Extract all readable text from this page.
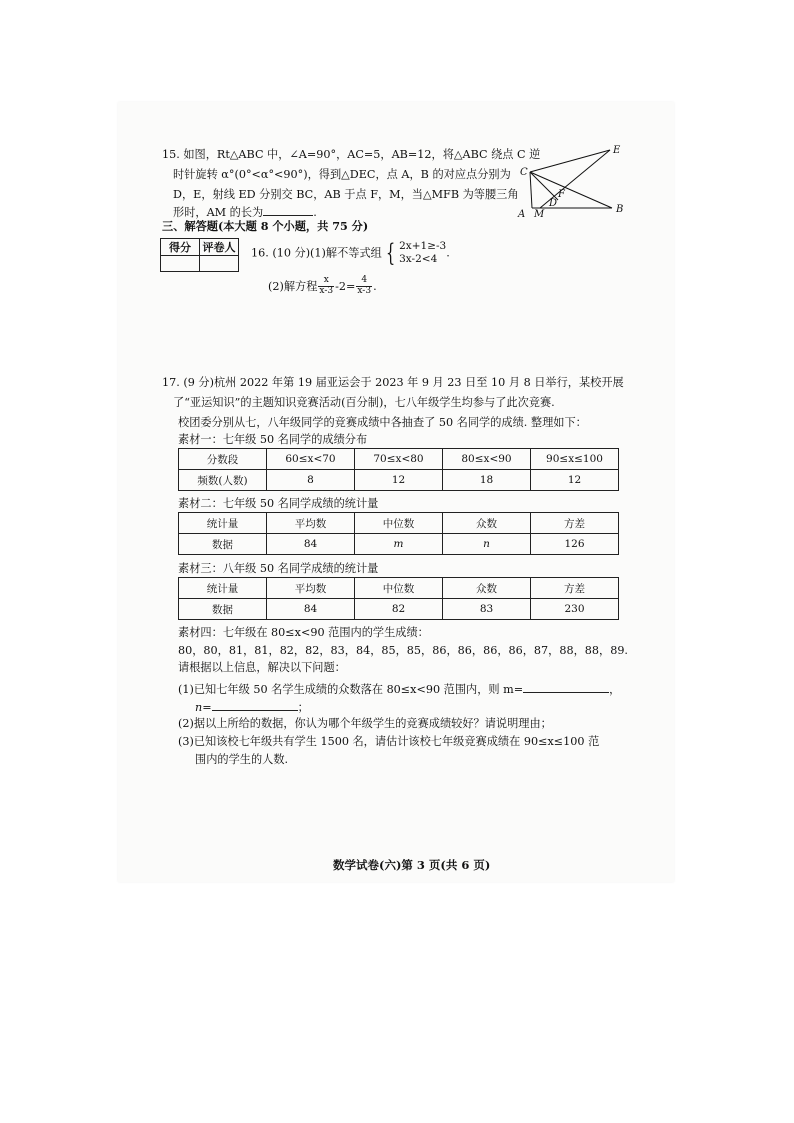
15. 如图，Rt△ABC 中，∠A=90°，AC=5，AB=12，将△ABC 绕点 C 逆
时针旋转 α°(0°<α°<90°)，得到△DEC，点 A，B 的对应点分别为
D，E，射线 ED 分别交 BC，AB 于点 F，M，当△MFB 为等腰三角
形时，AM 的长为	.
C
E
F
D
A M	B
三、解答题(本大题 8 个小题，共 75 分)
得分	评卷人
	16. (10 分)(1)解不等式组 { 2x+1≥-3
3x-2<4 .
(2)解方程 $\frac{x}{x-3} -2= \frac{4}{x-3}$ .
17. (9 分)杭州 2022 年第 19 届亚运会于 2023 年 9 月 23 日至 10 月 8 日举行，某校开展
了“亚运知识”的主题知识竞赛活动(百分制)，七八年级学生均参与了此次竞赛.
校团委分别从七，八年级同学的竞赛成绩中各抽查了 50 名同学的成绩. 整理如下：
素材一：七年级 50 名同学的成绩分布
分数段	60≤x<70	70≤x<80	80≤x<90	90≤x≤100
频数(人数)	8	12	18	12
素材二：七年级 50 名同学成绩的统计量
统计量	平均数	中位数	众数	方差
数据	84	m	n	126
素材三：八年级 50 名同学成绩的统计量
统计量	平均数	中位数	众数	方差
数据	84	82	83	230
素材四：七年级在 80≤x<90 范围内的学生成绩：
80，80，81，81，82，82，83，84，85，85，86，86，86，86，87，88，88，89.
请根据以上信息，解决以下问题：
(1)已知七年级 50 名学生成绩的众数落在 80≤x<90 范围内，则 m=	，
n=	；
(2)据以上所给的数据，你认为哪个年级学生的竞赛成绩较好？请说明理由；
(3)已知该校七年级共有学生 1500 名，请估计该校七年级竞赛成绩在 90≤x≤100 范
围内的学生的人数.
数学试卷(六)第 3 页(共 6 页)
